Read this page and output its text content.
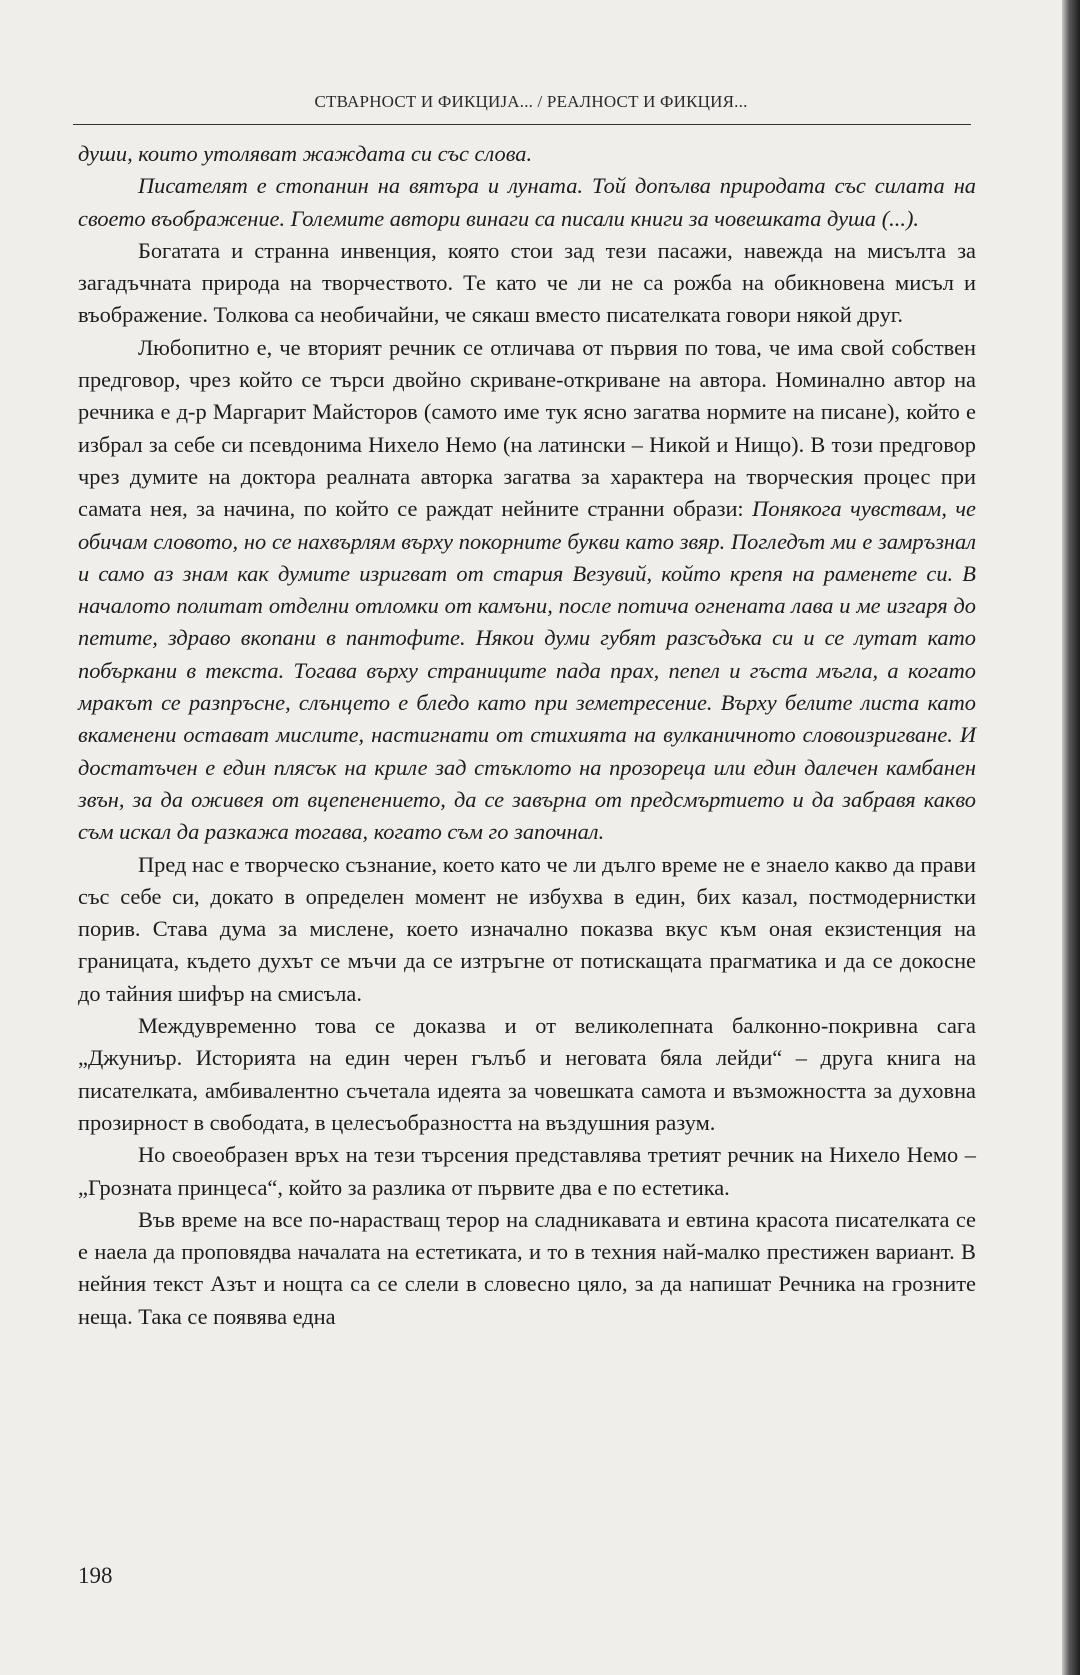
СТВАРНОСТ И ФИКЦИЈА... / РЕАЛНОСТ И ФИКЦИЯ...

души, които утоляват жаждата си със слова.

Писателят е стопанин на вятъра и луната. Той допълва природата със силата на своето въображение. Големите автори винаги са писали книги за човешката душа (...).

Богатата и странна инвенция, която стои зад тези пасажи, навежда на мисълта за загадъчната природа на творчеството. Те като че ли не са рожба на обикновена мисъл и въображение. Толкова са необичайни, че сякаш вместо писателката говори някой друг.

Любопитно е, че вторият речник се отличава от първия по това, че има свой собствен предговор, чрез който се търси двойно скриване-откриване на автора. Номинално автор на речника е д-р Маргарит Майсторов (самото име тук ясно загатва нормите на писане), който е избрал за себе си псевдонима Нихело Немо (на латински – Никой и Нищо). В този предговор чрез думите на доктора реалната авторка загатва за характера на творческия процес при самата нея, за начина, по който се раждат нейните странни образи: Понякога чувствам, че обичам словото, но се нахвърлям върху покорните букви като звяр. Погледът ми е замръзнал и само аз знам как думите изригват от стария Везувий, който крепя на раменете си. В началото политат отделни отломки от камъни, после потича огнената лава и ме изгаря до петите, здраво вкопани в пантофите. Някои думи губят разсъдъка си и се лутат като побъркани в текста. Тогава върху страниците пада прах, пепел и гъста мъгла, а когато мракът се разпръсне, слънцето е бледо като при земетресение. Върху белите листа като вкаменени остават мислите, настигнати от стихията на вулканичното словоизригване. И достатъчен е един плясък на криле зад стъклото на прозореца или един далечен камбанен звън, за да оживея от вцепенението, да се завърна от предсмъртието и да забравя какво съм искал да разкажа тогава, когато съм го започнал.

Пред нас е творческо съзнание, което като че ли дълго време не е знаело какво да прави със себе си, докато в определен момент не избухва в един, бих казал, постмодернистки порив. Става дума за мислене, което изначално показва вкус към оная екзистенция на границата, където духът се мъчи да се изтръгне от потискащата прагматика и да се докосне до тайния шифър на смисъла.

Междувременно това се доказва и от великолепната балконно-покривна сага „Джуниър. Историята на един черен гълъб и неговата бяла лейди“ – друга книга на писателката, амбивалентно съчетала идеята за човешката самота и възможността за духовна прозирност в свободата, в целесъобразността на въздушния разум.

Но своеобразен връх на тези търсения представлява третият речник на Нихело Немо – „Грозната принцеса“, който за разлика от първите два е по естетика.

Във време на все по-нарастващ терор на сладникавата и евтина красота писателката се е наела да проповядва началата на естетиката, и то в техния най-малко престижен вариант. В нейния текст Азът и нощта са се слели в словесно цяло, за да напишат Речника на грозните неща. Така се появява една

198
